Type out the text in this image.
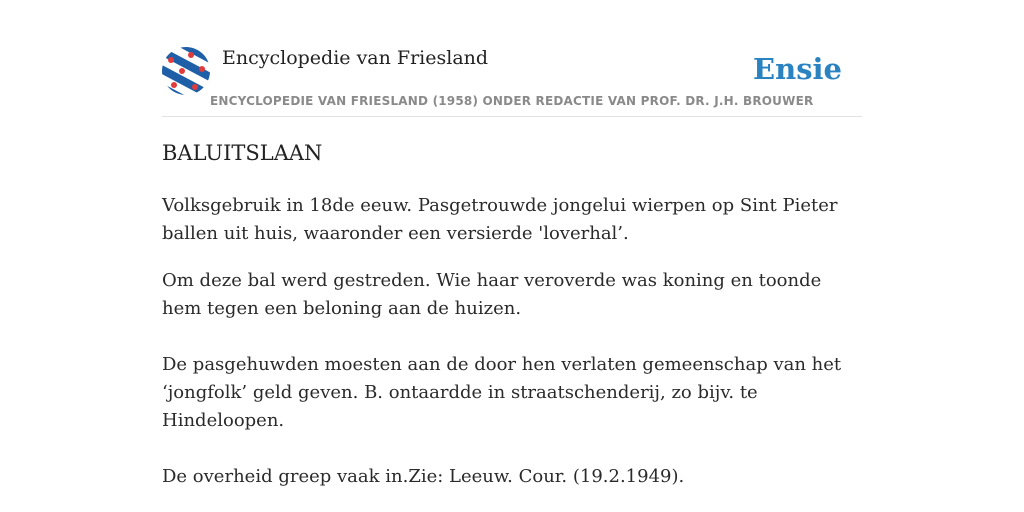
Encyclopedie van Friesland
ENCYCLOPEDIE VAN FRIESLAND (1958) ONDER REDACTIE VAN PROF. DR. J.H. BROUWER
Ensie
BALUITSLAAN

Volksgebruik in 18de eeuw. Pasgetrouwde jongelui wierpen op Sint Pieter ballen uit huis, waaronder een versierde 'loverhal’.

Om deze bal werd gestreden. Wie haar veroverde was koning en toonde hem tegen een beloning aan de huizen.

De pasgehuwden moesten aan de door hen verlaten gemeenschap van het ‘jongfolk’ geld geven. B. ontaardde in straatschenderij, zo bijv. te Hindeloopen.

De overheid greep vaak in.Zie: Leeuw. Cour. (19.2.1949).
